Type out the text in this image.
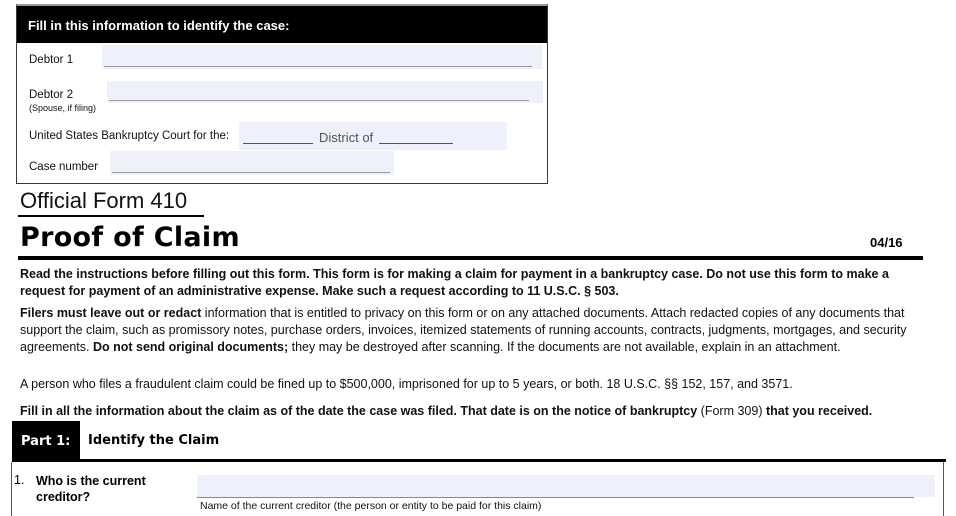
Fill in this information to identify the case:
Debtor 1
Debtor 2
(Spouse, if filing)
United States Bankruptcy Court for the:	District of
Case number
Official Form 410
Proof of Claim	04/16
Read the instructions before filling out this form. This form is for making a claim for payment in a bankruptcy case. Do not use this form to make a request for payment of an administrative expense. Make such a request according to 11 U.S.C. § 503.
Filers must leave out or redact information that is entitled to privacy on this form or on any attached documents. Attach redacted copies of any documents that support the claim, such as promissory notes, purchase orders, invoices, itemized statements of running accounts, contracts, judgments, mortgages, and security agreements. Do not send original documents; they may be destroyed after scanning. If the documents are not available, explain in an attachment.
A person who files a fraudulent claim could be fined up to $500,000, imprisoned for up to 5 years, or both. 18 U.S.C. §§ 152, 157, and 3571.
Fill in all the information about the claim as of the date the case was filed. That date is on the notice of bankruptcy (Form 309) that you received.
Part 1:	Identify the Claim
1. Who is the current creditor?
Name of the current creditor (the person or entity to be paid for this claim)
